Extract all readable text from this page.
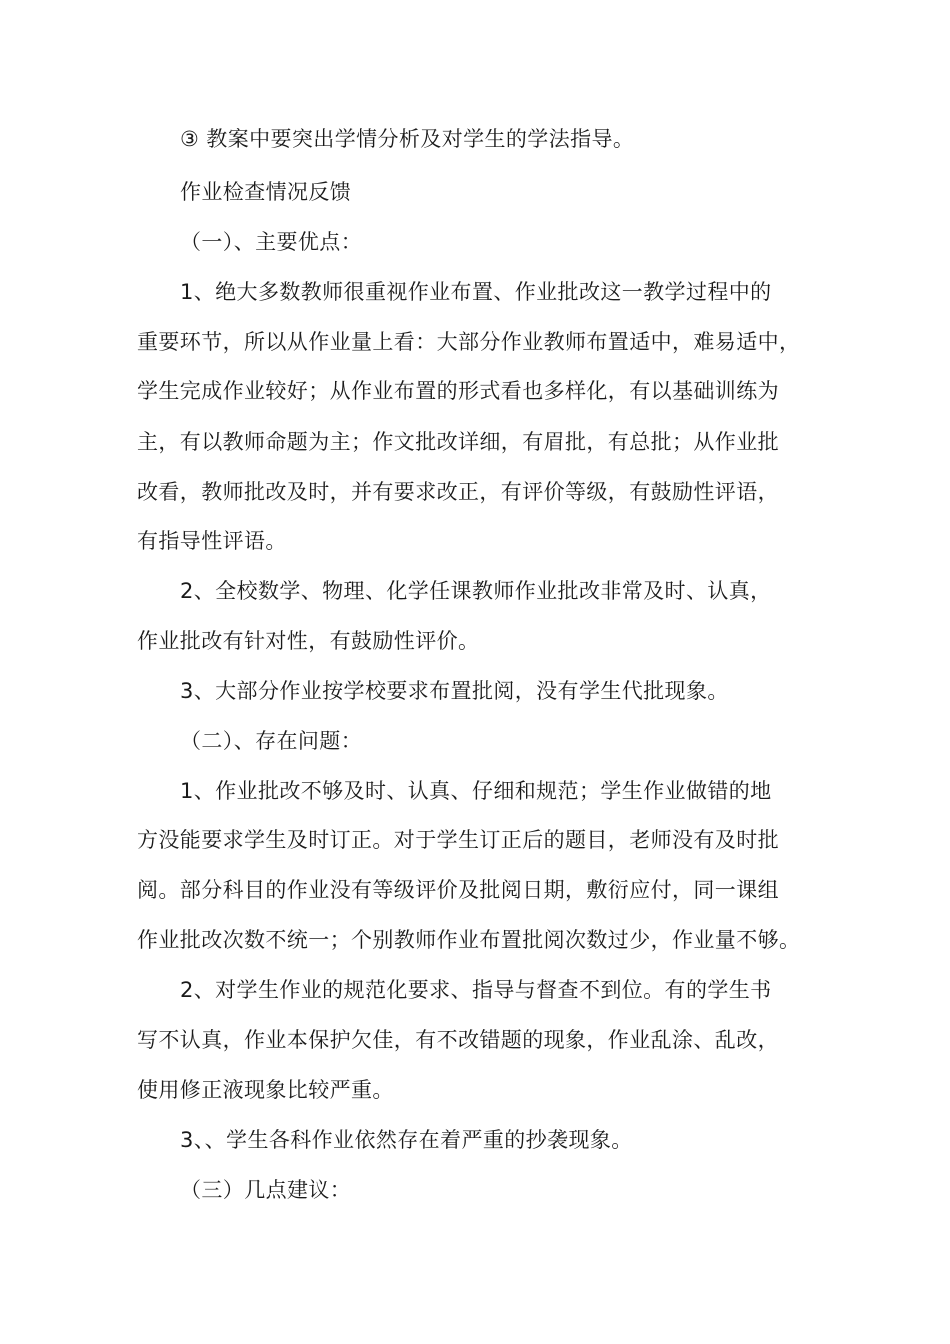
③ 教案中要突出学情分析及对学生的学法指导。
作业检查情况反馈
（一）、主要优点：
1、绝大多数教师很重视作业布置、作业批改这一教学过程中的
重要环节，所以从作业量上看：大部分作业教师布置适中，难易适中，
学生完成作业较好；从作业布置的形式看也多样化，有以基础训练为
主，有以教师命题为主；作文批改详细，有眉批，有总批；从作业批
改看，教师批改及时，并有要求改正，有评价等级，有鼓励性评语，
有指导性评语。
2、全校数学、物理、化学任课教师作业批改非常及时、认真，
作业批改有针对性，有鼓励性评价。
3、大部分作业按学校要求布置批阅，没有学生代批现象。
（二）、存在问题：
1、作业批改不够及时、认真、仔细和规范；学生作业做错的地
方没能要求学生及时订正。对于学生订正后的题目，老师没有及时批
阅。部分科目的作业没有等级评价及批阅日期，敷衍应付，同一课组
作业批改次数不统一；个别教师作业布置批阅次数过少，作业量不够。
2、对学生作业的规范化要求、指导与督查不到位。有的学生书
写不认真，作业本保护欠佳，有不改错题的现象，作业乱涂、乱改，
使用修正液现象比较严重。
3、、学生各科作业依然存在着严重的抄袭现象。
（三）几点建议：
